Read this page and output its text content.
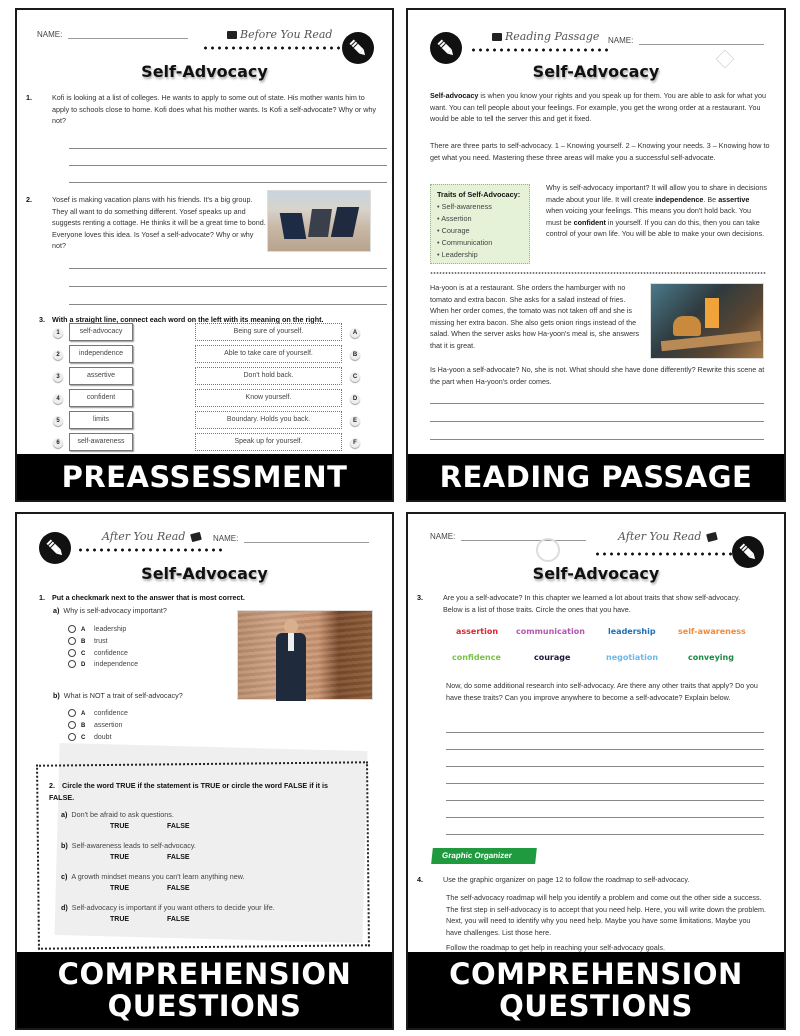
NAME:	Before You Read
Self-Advocacy
1.	Kofi is looking at a list of colleges. He wants to apply to some out of state. His mother wants him to apply to schools close to home. Kofi does what his mother wants. Is Kofi a self-advocate? Why or why not?
2.	Yosef is making vacation plans with his friends. It's a big group. They all want to do something different. Yosef speaks up and suggests renting a cottage. He thinks it will be a great time to bond. Everyone loves this idea. Is Yosef a self-advocate? Why or why not?
3. With a straight line, connect each word on the left with its meaning on the right.
1	self-advocacy	Being sure of yourself.	A
2	independence	Able to take care of yourself.	B
3	assertive	Don't hold back.	C
4	confident	Know yourself.	D
5	limits	Boundary. Holds you back.	E
6	self-awareness	Speak up for yourself.	F
PREASSESSMENT
Reading Passage NAME:
Self-Advocacy
Self-advocacy is when you know your rights and you speak up for them. You are able to ask for what you want. You can tell people about your feelings. For example, you get the wrong order at a restaurant. You would be able to tell the server this and get it fixed.
There are three parts to self-advocacy. 1 – Knowing yourself. 2 – Knowing your needs. 3 – Knowing how to get what you need. Mastering these three areas will make you a successful self-advocate.
Traits of Self-Advocacy:
• Self-awareness
• Assertion
• Courage
• Communication
• Leadership
Why is self-advocacy important? It will allow you to share in decisions made about your life. It will create independence. Be assertive when voicing your feelings. This means you don't hold back. You must be confident in yourself. If you can do this, then you can take control of your own life. You will be able to make your own decisions.
Ha-yoon is at a restaurant. She orders the hamburger with no tomato and extra bacon. She asks for a salad instead of fries. When her order comes, the tomato was not taken off and she is missing her extra bacon. She also gets onion rings instead of the salad. When the server asks how Ha-yoon's meal is, she answers that it is great.
Is Ha-yoon a self-advocate? No, she is not. What should she have done differently? Rewrite this scene at the part when Ha-yoon's order comes.
READING PASSAGE
After You Read	NAME:
Self-Advocacy
1. Put a checkmark next to the answer that is most correct.
a) Why is self-advocacy important?
A leadership
B trust
C confidence
D independence
b) What is NOT a trait of self-advocacy?
A confidence
B assertion
C doubt
2. Circle the word TRUE if the statement is TRUE or circle the word FALSE if it is FALSE.
a) Don't be afraid to ask questions.
TRUE	FALSE
b) Self-awareness leads to self-advocacy.
TRUE	FALSE
c) A growth mindset means you can't learn anything new.
TRUE	FALSE
d) Self-advocacy is important if you want others to decide your life.
TRUE	FALSE
COMPREHENSION
QUESTIONS
NAME:	After You Read
Self-Advocacy
3.	Are you a self-advocate? In this chapter we learned a lot about traits that show self-advocacy. Below is a list of those traits. Circle the ones that you have.
assertion communication	leadership	self-awareness
confidence	courage	negotiation	conveying
Now, do some additional research into self-advocacy. Are there any other traits that apply? Do you have these traits? Can you improve anywhere to become a self-advocate? Explain below.
Graphic Organizer
4.	Use the graphic organizer on page 12 to follow the roadmap to self-advocacy.
The self-advocacy roadmap will help you identify a problem and come out the other side a success. The first step in self-advocacy is to accept that you need help. Here, you will write down the problem. Next, you will need to identify why you need help. Maybe you have some limitations. Maybe you have challenges. List those here.
Follow the roadmap to get help in reaching your self-advocacy goals.
COMPREHENSION
QUESTIONS
